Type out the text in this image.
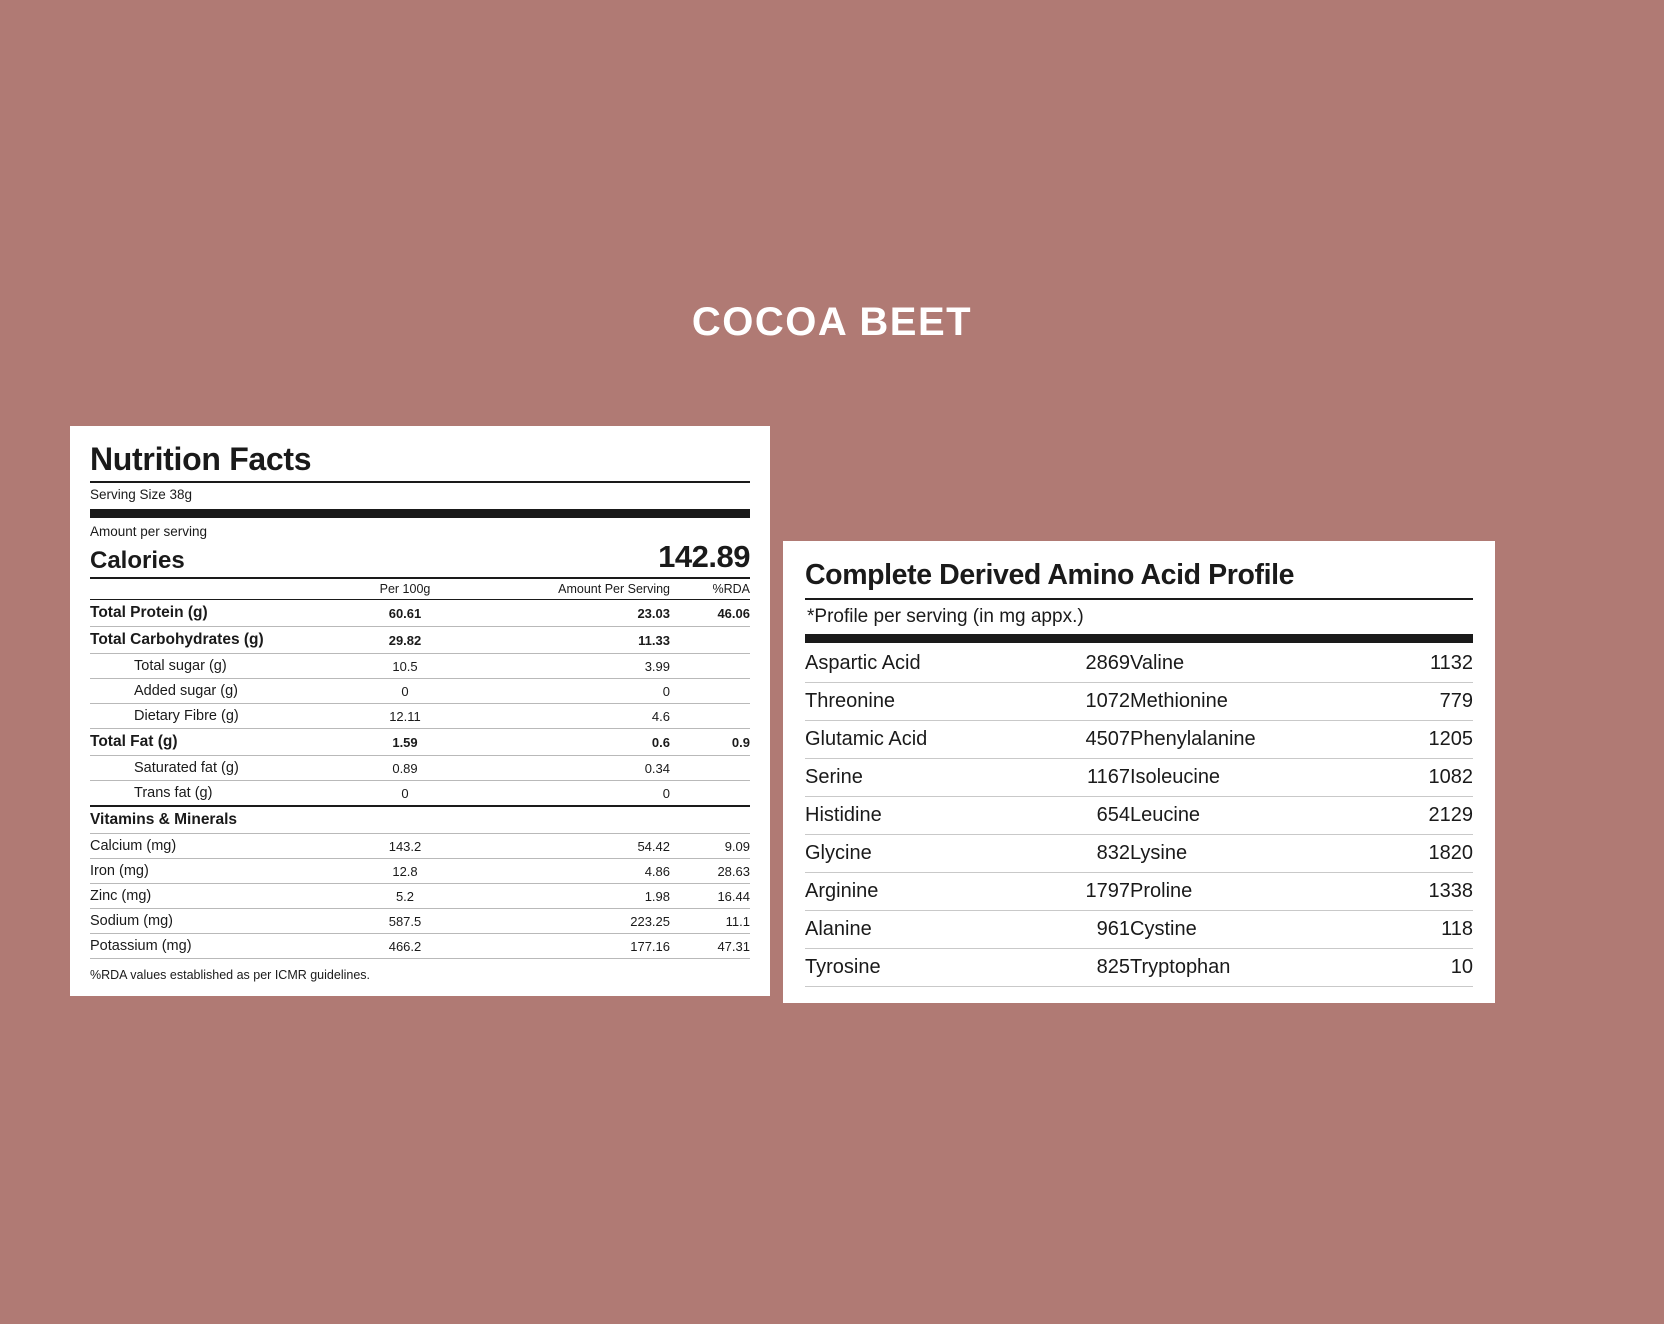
COCOA BEET
Nutrition Facts
Serving Size 38g
Amount per serving
Calories	142.89
	Per 100g	Amount Per Serving	%RDA
Total Protein (g)	60.61	23.03	46.06
Total Carbohydrates (g)	29.82	11.33	
Total sugar (g)	10.5	3.99	
Added sugar (g)	0	0	
Dietary Fibre (g)	12.11	4.6	
Total Fat (g)	1.59	0.6	0.9
Saturated fat (g)	0.89	0.34	
Trans fat (g)	0	0	
Vitamins & Minerals			
Calcium (mg)	143.2	54.42	9.09
Iron (mg)	12.8	4.86	28.63
Zinc (mg)	5.2	1.98	16.44
Sodium (mg)	587.5	223.25	11.1
Potassium (mg)	466.2	177.16	47.31
%RDA values established as per ICMR guidelines.
Complete Derived Amino Acid Profile
*Profile per serving (in mg appx.)
Aspartic Acid	2869	Valine	1132
Threonine	1072	Methionine	779
Glutamic Acid	4507	Phenylalanine	1205
Serine	1167	Isoleucine	1082
Histidine	654	Leucine	2129
Glycine	832	Lysine	1820
Arginine	1797	Proline	1338
Alanine	961	Cystine	118
Tyrosine	825	Tryptophan	10
